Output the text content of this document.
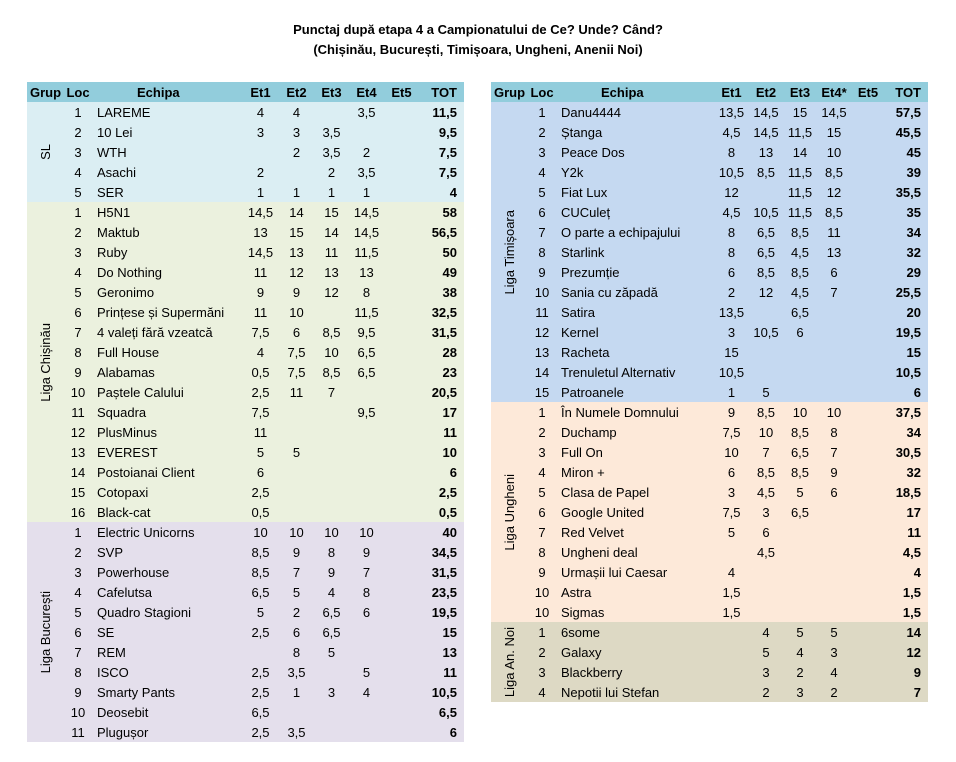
Punctaj după etapa 4 a Campionatului de Ce? Unde? Când?
(Chișinău, București, Timișoara, Ungheni, Anenii Noi)
Grup	Loc	Echipa	Et1	Et2	Et3	Et4	Et5	TOT

SL	1	LAREME	4	4		3,5		11,5
	2	10 Lei	3	3	3,5			9,5
	3	WTH		2	3,5	2		7,5
	4	Asachi	2		2	3,5		7,5
	5	SER	1	1	1	1		4

Liga Chișinău	1	H5N1	14,5	14	15	14,5		58
	2	Maktub	13	15	14	14,5		56,5
	3	Ruby	14,5	13	11	11,5		50
	4	Do Nothing	11	12	13	13		49
	5	Geronimo	9	9	12	8		38
	6	Prințese și Supermăni	11	10		11,5		32,5
	7	4 valeți fără vzeatcă	7,5	6	8,5	9,5		31,5
	8	Full House	4	7,5	10	6,5		28
	9	Alabamas	0,5	7,5	8,5	6,5		23
	10	Paștele Calului	2,5	11	7			20,5
	11	Squadra	7,5			9,5		17
	12	PlusMinus	11					11
	13	EVEREST	5	5				10
	14	Postoianai Client	6					6
	15	Cotopaxi	2,5					2,5
	16	Black-cat	0,5					0,5

Liga București	1	Electric Unicorns	10	10	10	10		40
	2	SVP	8,5	9	8	9		34,5
	3	Powerhouse	8,5	7	9	7		31,5
	4	Cafelutsa	6,5	5	4	8		23,5
	5	Quadro Stagioni	5	2	6,5	6		19,5
	6	SE	2,5	6	6,5			15
	7	REM		8	5			13
	8	ISCO	2,5	3,5		5		11
	9	Smarty Pants	2,5	1	3	4		10,5
	10	Deosebit	6,5					6,5
	11	Plugușor	2,5	3,5				6
Grup	Loc	Echipa	Et1	Et2	Et3	Et4*	Et5	TOT

Liga Timișoara	1	Danu4444	13,5	14,5	15	14,5		57,5
	2	Ștanga	4,5	14,5	11,5	15		45,5
	3	Peace Dos	8	13	14	10		45
	4	Y2k	10,5	8,5	11,5	8,5		39
	5	Fiat Lux	12		11,5	12		35,5
	6	CUCuleț	4,5	10,5	11,5	8,5		35
	7	O parte a echipajului	8	6,5	8,5	11		34
	8	Starlink	8	6,5	4,5	13		32
	9	Prezumție	6	8,5	8,5	6		29
	10	Sania cu zăpadă	2	12	4,5	7		25,5
	11	Satira	13,5		6,5			20
	12	Kernel	3	10,5	6			19,5
	13	Racheta	15					15
	14	Trenuletul Alternativ	10,5					10,5
	15	Patroanele	1	5				6

Liga Ungheni	1	În Numele Domnului	9	8,5	10	10		37,5
	2	Duchamp	7,5	10	8,5	8		34
	3	Full On	10	7	6,5	7		30,5
	4	Miron +	6	8,5	8,5	9		32
	5	Clasa de Papel	3	4,5	5	6		18,5
	6	Google United	7,5	3	6,5			17
	7	Red Velvet	5	6				11
	8	Ungheni deal		4,5				4,5
	9	Urmașii lui Caesar	4					4
	10	Astra	1,5					1,5
	10	Sigmas	1,5					1,5

Liga An. Noi	1	6some		4	5	5		14
	2	Galaxy		5	4	3		12
	3	Blackberry		3	2	4		9
	4	Nepotii lui Stefan		2	3	2		7
